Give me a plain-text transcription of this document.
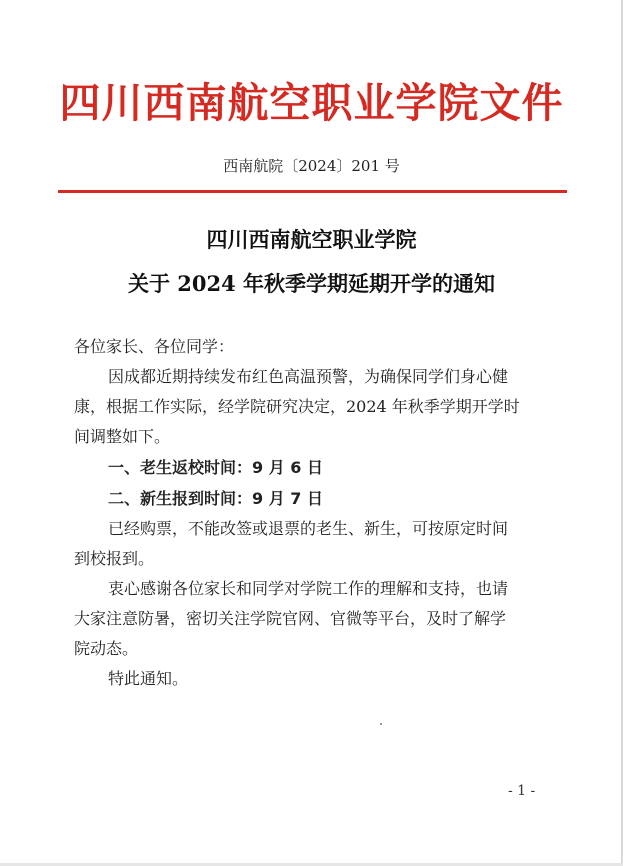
四川西南航空职业学院文件
西南航院〔2024〕201 号
四川西南航空职业学院
关于 2024 年秋季学期延期开学的通知
各位家长、各位同学：
因成都近期持续发布红色高温预警，为确保同学们身心健
康，根据工作实际，经学院研究决定，2024 年秋季学期开学时
间调整如下。
一、老生返校时间：9 月 6 日
二、新生报到时间：9 月 7 日
已经购票，不能改签或退票的老生、新生，可按原定时间
到校报到。
衷心感谢各位家长和同学对学院工作的理解和支持，也请
大家注意防暑，密切关注学院官网、官微等平台，及时了解学
院动态。
特此通知。
- 1 -
